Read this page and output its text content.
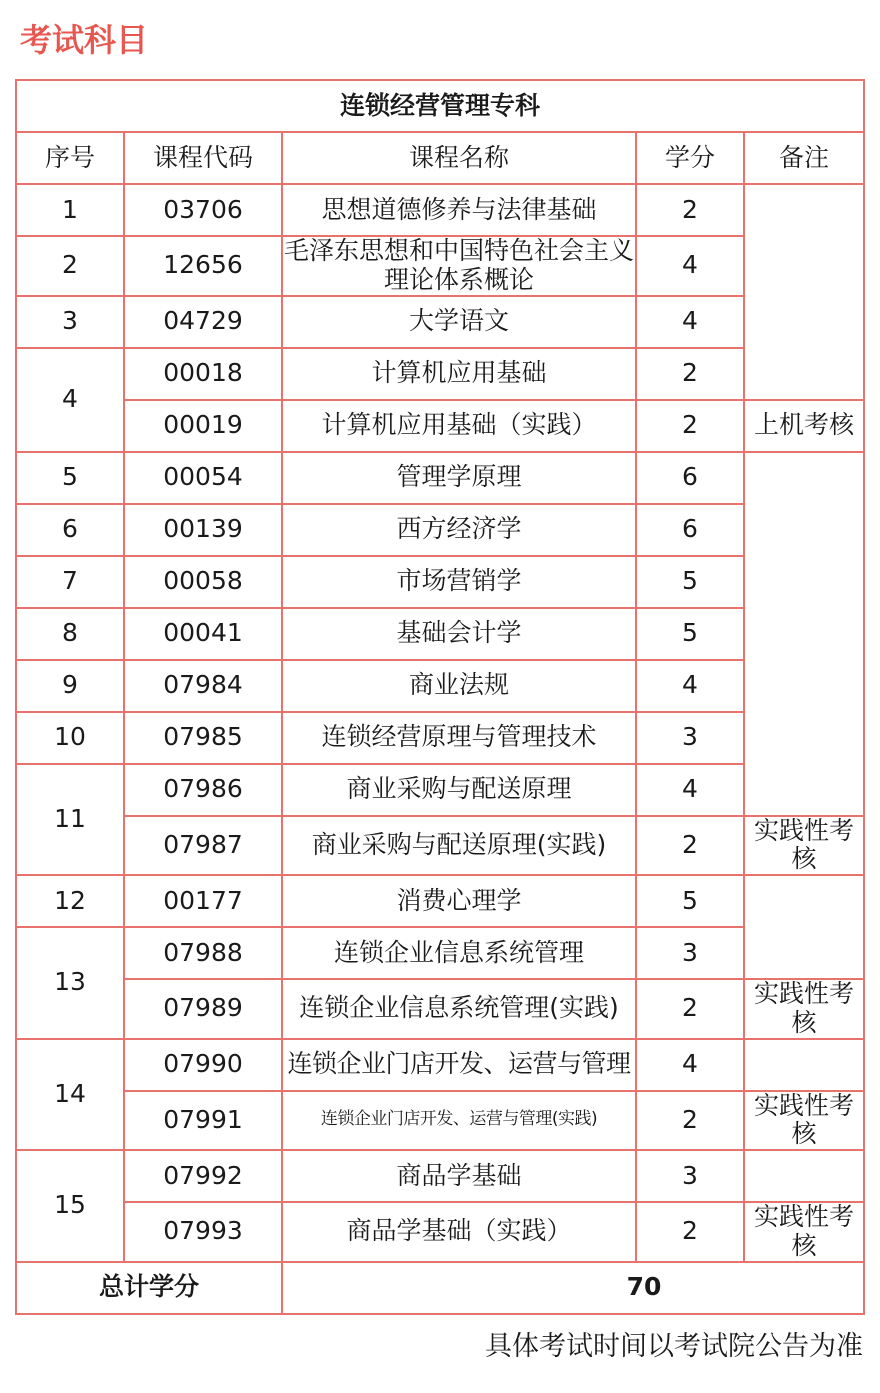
考试科目
连锁经营管理专科				
序号	课程代码	课程名称	学分	备注
1	03706	思想道德修养与法律基础	2	
2	12656	毛泽东思想和中国特色社会主义
理论体系概论	4	
3	04729	大学语文	4	
4	00018	计算机应用基础	2	
	00019	计算机应用基础（实践）	2	上机考核
5	00054	管理学原理	6	
6	00139	西方经济学	6	
7	00058	市场营销学	5	
8	00041	基础会计学	5	
9	07984	商业法规	4	
10	07985	连锁经营原理与管理技术	3	
11	07986	商业采购与配送原理	4	
	07987	商业采购与配送原理(实践)	2	实践性考核
12	00177	消费心理学	5	
13	07988	连锁企业信息系统管理	3	
	07989	连锁企业信息系统管理(实践)	2	实践性考核
14	07990	连锁企业门店开发、运营与管理	4	
	07991	连锁企业门店开发、运营与管理(实践)	2	实践性考核
15	07992	商品学基础	3	
	07993	商品学基础（实践）	2	实践性考核
总计学分		70		

具体考试时间以考试院公告为准
